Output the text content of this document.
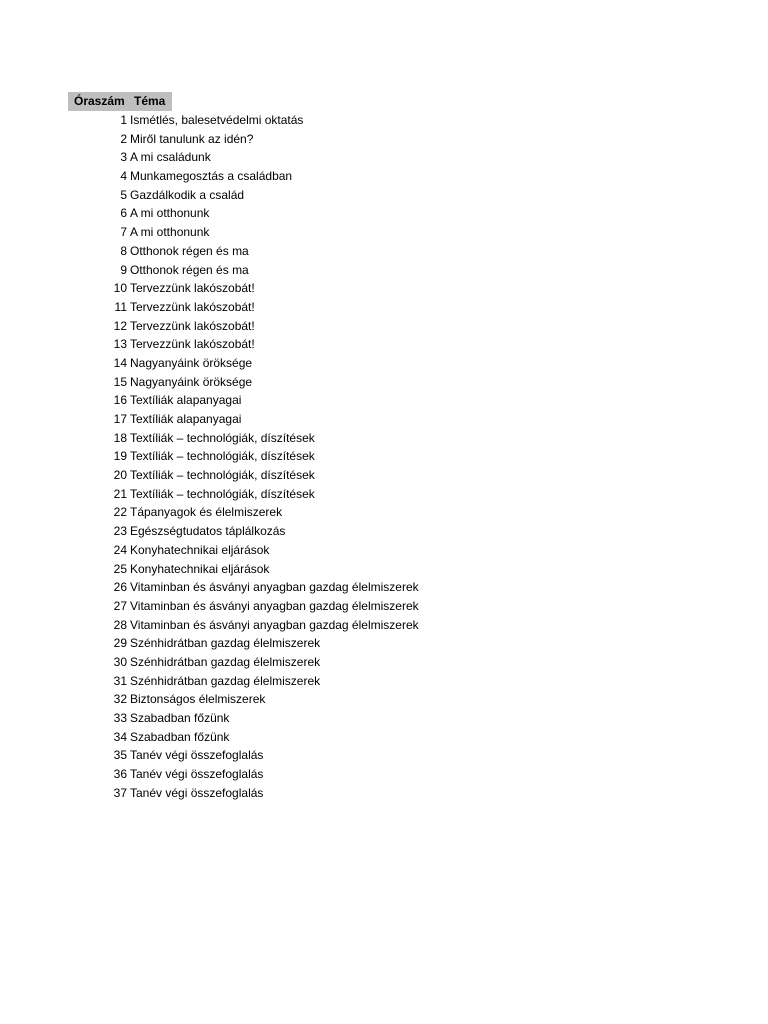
Óraszám Téma
1 Ismétlés, balesetvédelmi oktatás
2 Miről tanulunk az idén?
3 A mi családunk
4 Munkamegosztás a családban
5 Gazdálkodik a család
6 A mi otthonunk
7 A mi otthonunk
8 Otthonok régen és ma
9 Otthonok régen és ma
10 Tervezzünk lakószobát!
11 Tervezzünk lakószobát!
12 Tervezzünk lakószobát!
13 Tervezzünk lakószobát!
14 Nagyanyáink öröksége
15 Nagyanyáink öröksége
16 Textíliák alapanyagai
17 Textíliák alapanyagai
18 Textíliák – technológiák, díszítések
19 Textíliák – technológiák, díszítések
20 Textíliák – technológiák, díszítések
21 Textíliák – technológiák, díszítések
22 Tápanyagok és élelmiszerek
23 Egészségtudatos táplálkozás
24 Konyhatechnikai eljárások
25 Konyhatechnikai eljárások
26 Vitaminban és ásványi anyagban gazdag élelmiszerek
27 Vitaminban és ásványi anyagban gazdag élelmiszerek
28 Vitaminban és ásványi anyagban gazdag élelmiszerek
29 Szénhidrátban gazdag élelmiszerek
30 Szénhidrátban gazdag élelmiszerek
31 Szénhidrátban gazdag élelmiszerek
32 Biztonságos élelmiszerek
33 Szabadban főzünk
34 Szabadban főzünk
35 Tanév végi összefoglalás
36 Tanév végi összefoglalás
37 Tanév végi összefoglalás
